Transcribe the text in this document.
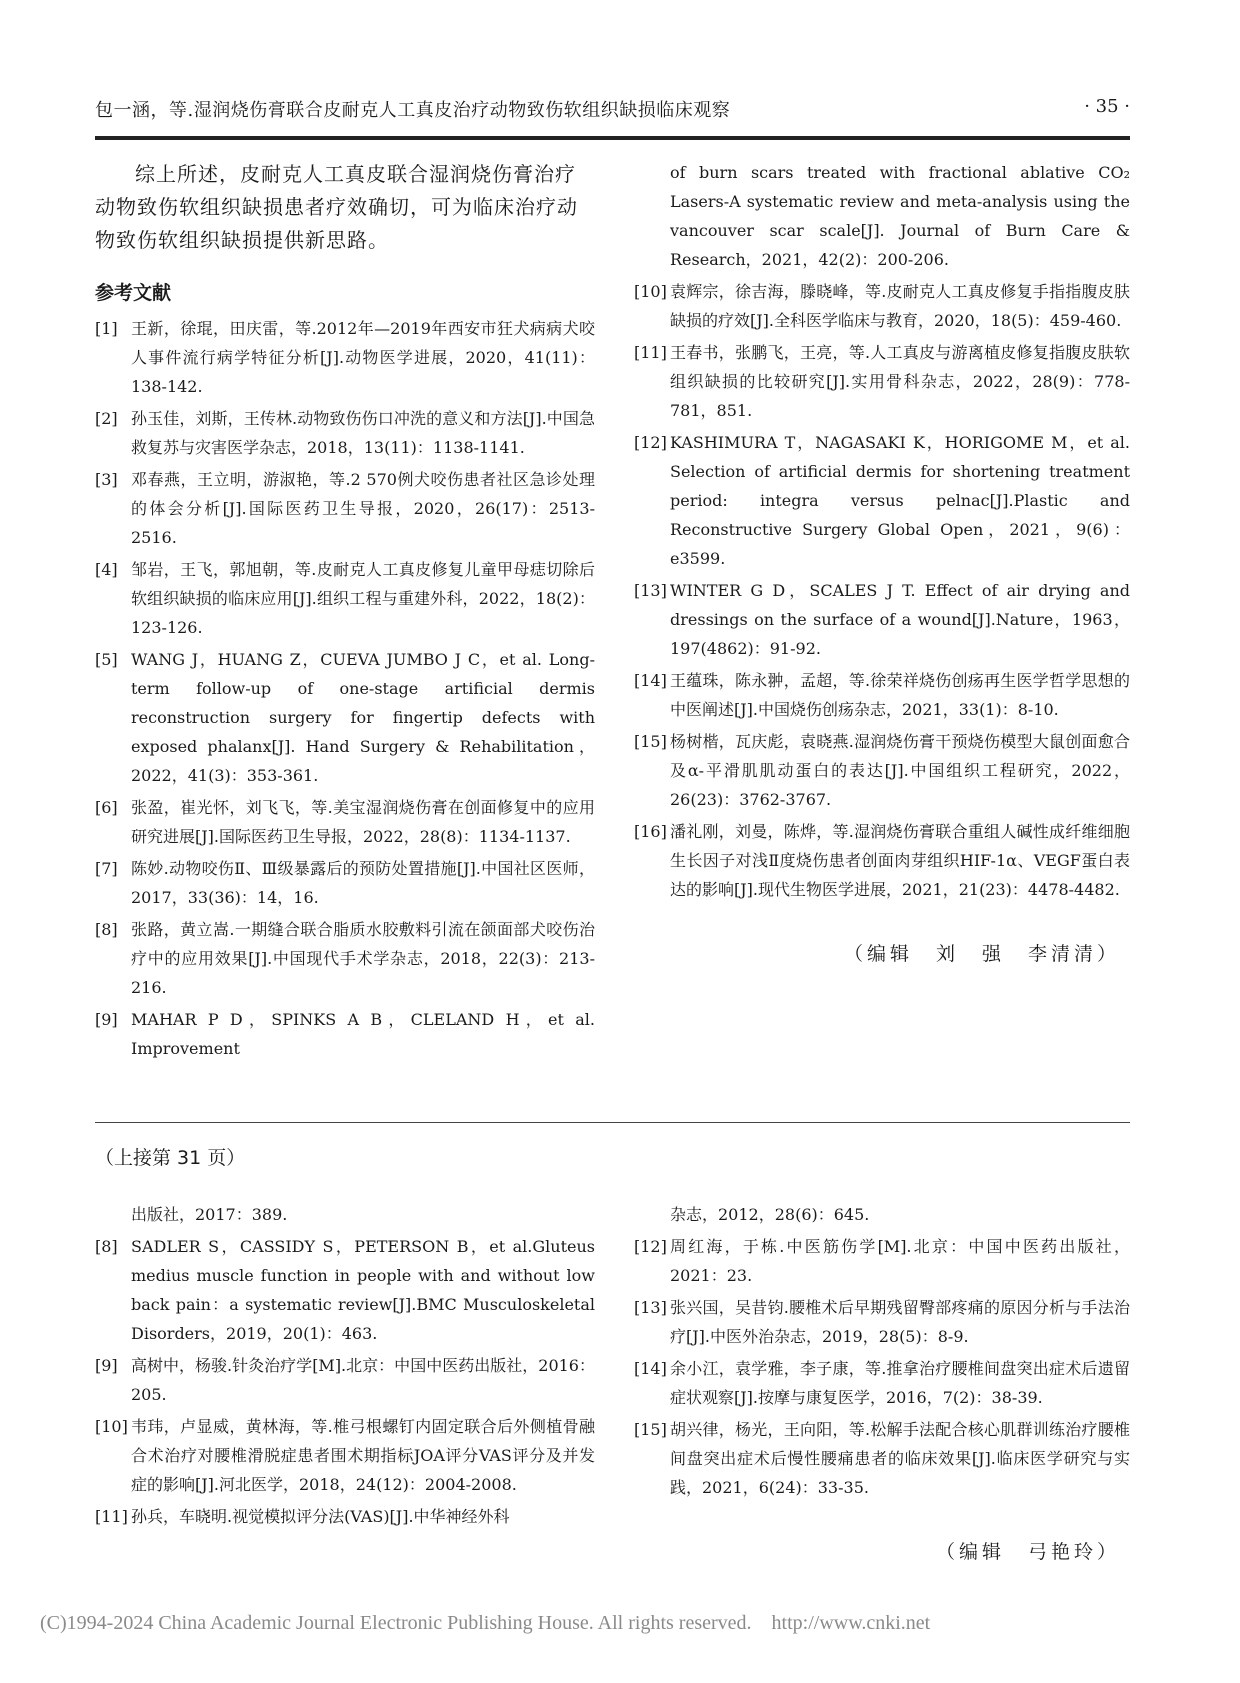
包一涵，等.湿润烧伤膏联合皮耐克人工真皮治疗动物致伤软组织缺损临床观察	· 35 ·

综上所述，皮耐克人工真皮联合湿润烧伤膏治疗动物致伤软组织缺损患者疗效确切，可为临床治疗动物致伤软组织缺损提供新思路。

参考文献

[1] 王新，徐琨，田庆雷，等.2012年—2019年西安市狂犬病病犬咬人事件流行病学特征分析[J].动物医学进展，2020，41(11)：138-142.

[2] 孙玉佳，刘斯，王传林.动物致伤伤口冲洗的意义和方法[J].中国急救复苏与灾害医学杂志，2018，13(11)：1138-1141.

[3] 邓春燕，王立明，游淑艳，等.2 570例犬咬伤患者社区急诊处理的体会分析[J].国际医药卫生导报，2020，26(17)：2513-2516.

[4] 邹岩，王飞，郭旭朝，等.皮耐克人工真皮修复儿童甲母痣切除后软组织缺损的临床应用[J].组织工程与重建外科，2022，18(2)：123-126.

[5] WANG J，HUANG Z，CUEVA JUMBO J C，et al. Long-term follow-up of one-stage artificial dermis reconstruction surgery for fingertip defects with exposed phalanx[J]. Hand Surgery & Rehabilitation，2022，41(3)：353-361.

[6] 张盈，崔光怀，刘飞飞，等.美宝湿润烧伤膏在创面修复中的应用研究进展[J].国际医药卫生导报，2022，28(8)：1134-1137.

[7] 陈妙.动物咬伤Ⅱ、Ⅲ级暴露后的预防处置措施[J].中国社区医师，2017，33(36)：14，16.

[8] 张路，黄立嵩.一期缝合联合脂质水胶敷料引流在颌面部犬咬伤治疗中的应用效果[J].中国现代手术学杂志，2018，22(3)：213-216.

[9] MAHAR P D，SPINKS A B，CLELAND H，et al. Improvement

of burn scars treated with fractional ablative CO₂ Lasers-A systematic review and meta-analysis using the vancouver scar scale[J]. Journal of Burn Care & Research，2021，42(2)：200-206.

[10] 袁辉宗，徐吉海，滕晓峰，等.皮耐克人工真皮修复手指指腹皮肤缺损的疗效[J].全科医学临床与教育，2020，18(5)：459-460.

[11] 王春书，张鹏飞，王亮，等.人工真皮与游离植皮修复指腹皮肤软组织缺损的比较研究[J].实用骨科杂志，2022，28(9)：778-781，851.

[12] KASHIMURA T，NAGASAKI K，HORIGOME M，et al. Selection of artificial dermis for shortening treatment period: integra versus pelnac[J].Plastic and Reconstructive Surgery Global Open，2021，9(6)：e3599.

[13] WINTER G D，SCALES J T. Effect of air drying and dressings on the surface of a wound[J].Nature，1963，197(4862)：91-92.

[14] 王蕴珠，陈永翀，孟超，等.徐荣祥烧伤创疡再生医学哲学思想的中医阐述[J].中国烧伤创疡杂志，2021，33(1)：8-10.

[15] 杨树楷，瓦庆彪，袁晓燕.湿润烧伤膏干预烧伤模型大鼠创面愈合及α-平滑肌肌动蛋白的表达[J].中国组织工程研究，2022，26(23)：3762-3767.

[16] 潘礼刚，刘曼，陈烨，等.湿润烧伤膏联合重组人碱性成纤维细胞生长因子对浅Ⅱ度烧伤患者创面肉芽组织HIF-1α、VEGF蛋白表达的影响[J].现代生物医学进展，2021，21(23)：4478-4482.

（编辑　刘　强　李清清）
（上接第 31 页）

出版社，2017：389.

[8] SADLER S，CASSIDY S，PETERSON B，et al.Gluteus medius muscle function in people with and without low back pain：a systematic review[J].BMC Musculoskeletal Disorders，2019，20(1)：463.

[9] 高树中，杨骏.针灸治疗学[M].北京：中国中医药出版社，2016：205.

[10] 韦玮，卢显威，黄林海，等.椎弓根螺钉内固定联合后外侧植骨融合术治疗对腰椎滑脱症患者围术期指标JOA评分VAS评分及并发症的影响[J].河北医学，2018，24(12)：2004-2008.

[11] 孙兵，车晓明.视觉模拟评分法(VAS)[J].中华神经外科

杂志，2012，28(6)：645.

[12] 周红海，于栋.中医筋伤学[M].北京：中国中医药出版社，2021：23.

[13] 张兴国，吴昔钧.腰椎术后早期残留臀部疼痛的原因分析与手法治疗[J].中医外治杂志，2019，28(5)：8-9.

[14] 余小江，袁学雅，李子康，等.推拿治疗腰椎间盘突出症术后遗留症状观察[J].按摩与康复医学，2016，7(2)：38-39.

[15] 胡兴律，杨光，王向阳，等.松解手法配合核心肌群训练治疗腰椎间盘突出症术后慢性腰痛患者的临床效果[J].临床医学研究与实践，2021，6(24)：33-35.

（编辑　弓艳玲）
(C)1994-2024 China Academic Journal Electronic Publishing House. All rights reserved.    http://www.cnki.net
